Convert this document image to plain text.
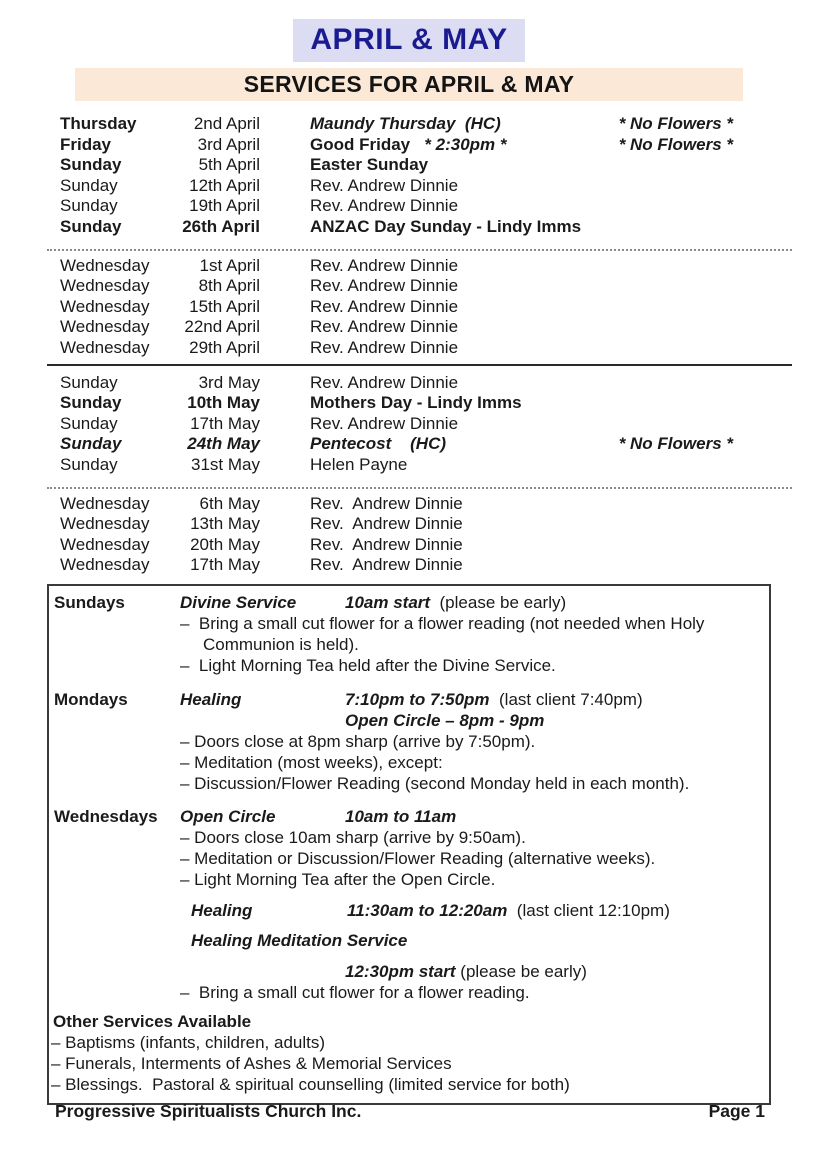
APRIL & MAY
SERVICES FOR APRIL & MAY
Thursday	2nd April	Maundy Thursday  (HC)	* No Flowers *
Friday	3rd April	Good Friday   * 2:30pm *	* No Flowers *
Sunday	5th April	Easter Sunday
Sunday	12th April	Rev. Andrew Dinnie
Sunday	19th April	Rev. Andrew Dinnie
Sunday	26th April	ANZAC Day Sunday - Lindy Imms
Wednesday	1st April	Rev. Andrew Dinnie
Wednesday	8th April	Rev. Andrew Dinnie
Wednesday	15th April	Rev. Andrew Dinnie
Wednesday	22nd April	Rev. Andrew Dinnie
Wednesday	29th April	Rev. Andrew Dinnie
Sunday	3rd May	Rev. Andrew Dinnie
Sunday	10th May	Mothers Day - Lindy Imms
Sunday	17th May	Rev. Andrew Dinnie
Sunday	24th May	Pentecost    (HC)	* No Flowers *
Sunday	31st May	Helen Payne
Wednesday	6th May	Rev.  Andrew Dinnie
Wednesday	13th May	Rev.  Andrew Dinnie
Wednesday	20th May	Rev.  Andrew Dinnie
Wednesday	17th May	Rev.  Andrew Dinnie
Sundays	Divine Service	10am start (please be early)
–  Bring a small cut flower for a flower reading (not needed when Holy Communion is held).
–  Light Morning Tea held after the Divine Service.
Mondays	Healing	7:10pm to 7:50pm (last client 7:40pm)
Open Circle – 8pm - 9pm
– Doors close at 8pm sharp (arrive by 7:50pm).
– Meditation (most weeks), except:
– Discussion/Flower Reading (second Monday held in each month).
Wednesdays	Open Circle	10am to 11am
– Doors close 10am sharp (arrive by 9:50am).
– Meditation or Discussion/Flower Reading (alternative weeks).
– Light Morning Tea after the Open Circle.
Healing	11:30am to 12:20am (last client 12:10pm)
Healing Meditation Service
12:30pm start (please be early)
–  Bring a small cut flower for a flower reading.
Other Services Available
– Baptisms (infants, children, adults)
– Funerals, Interments of Ashes & Memorial Services
– Blessings.  Pastoral & spiritual counselling (limited service for both)
Progressive Spiritualists Church Inc.	Page 1
